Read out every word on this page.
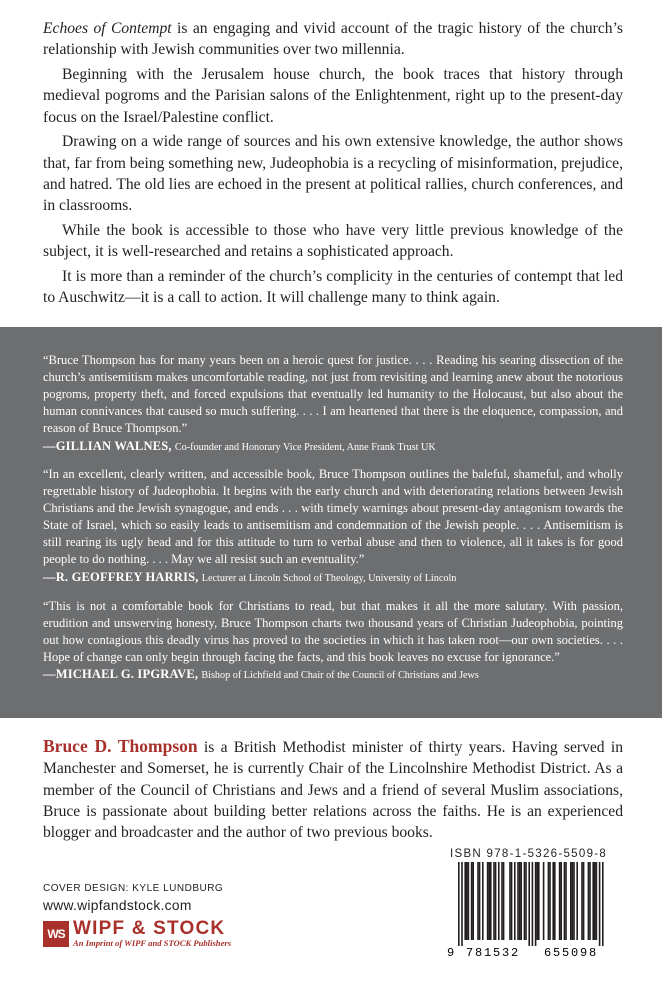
Echoes of Contempt is an engaging and vivid account of the tragic history of the church’s relationship with Jewish communities over two millennia.

Beginning with the Jerusalem house church, the book traces that history through medieval pogroms and the Parisian salons of the Enlightenment, right up to the present-day focus on the Israel/Palestine conflict.

Drawing on a wide range of sources and his own extensive knowledge, the author shows that, far from being something new, Judeophobia is a recycling of misinformation, prejudice, and hatred. The old lies are echoed in the present at political rallies, church conferences, and in classrooms.

While the book is accessible to those who have very little previous knowledge of the subject, it is well-researched and retains a sophisticated approach.

It is more than a reminder of the church’s complicity in the centuries of contempt that led to Auschwitz—it is a call to action. It will challenge many to think again.

“Bruce Thompson has for many years been on a heroic quest for justice. . . . Reading his searing dissection of the church’s antisemitism makes uncomfortable reading, not just from revisiting and learning anew about the notorious pogroms, property theft, and forced expulsions that eventually led humanity to the Holocaust, but also about the human connivances that caused so much suffering. . . . I am heartened that there is the eloquence, compassion, and reason of Bruce Thompson.”

—GILLIAN WALNES, Co-founder and Honorary Vice President, Anne Frank Trust UK

“In an excellent, clearly written, and accessible book, Bruce Thompson outlines the baleful, shameful, and wholly regrettable history of Judeophobia. It begins with the early church and with deteriorating relations between Jewish Christians and the Jewish synagogue, and ends . . . with timely warnings about present-day antagonism towards the State of Israel, which so easily leads to antisemitism and condemnation of the Jewish people. . . . Antisemitism is still rearing its ugly head and for this attitude to turn to verbal abuse and then to violence, all it takes is for good people to do nothing. . . . May we all resist such an eventuality.”

—R. GEOFFREY HARRIS, Lecturer at Lincoln School of Theology, University of Lincoln

“This is not a comfortable book for Christians to read, but that makes it all the more salutary. With passion, erudition and unswerving honesty, Bruce Thompson charts two thousand years of Christian Judeophobia, pointing out how contagious this deadly virus has proved to the societies in which it has taken root—our own societies. . . . Hope of change can only begin through facing the facts, and this book leaves no excuse for ignorance.”

—MICHAEL G. IPGRAVE, Bishop of Lichfield and Chair of the Council of Christians and Jews

Bruce D. Thompson is a British Methodist minister of thirty years. Having served in Manchester and Somerset, he is currently Chair of the Lincolnshire Methodist District. As a member of the Council of Christians and Jews and a friend of several Muslim associations, Bruce is passionate about building better relations across the faiths. He is an experienced blogger and broadcaster and the author of two previous books.

COVER DESIGN: KYLE LUNDBURG
www.wipfandstock.com
WS WIPF & STOCK
An Imprint of WIPF and STOCK Publishers
ISBN 978-1-5326-5509-8
9 781532 655098
